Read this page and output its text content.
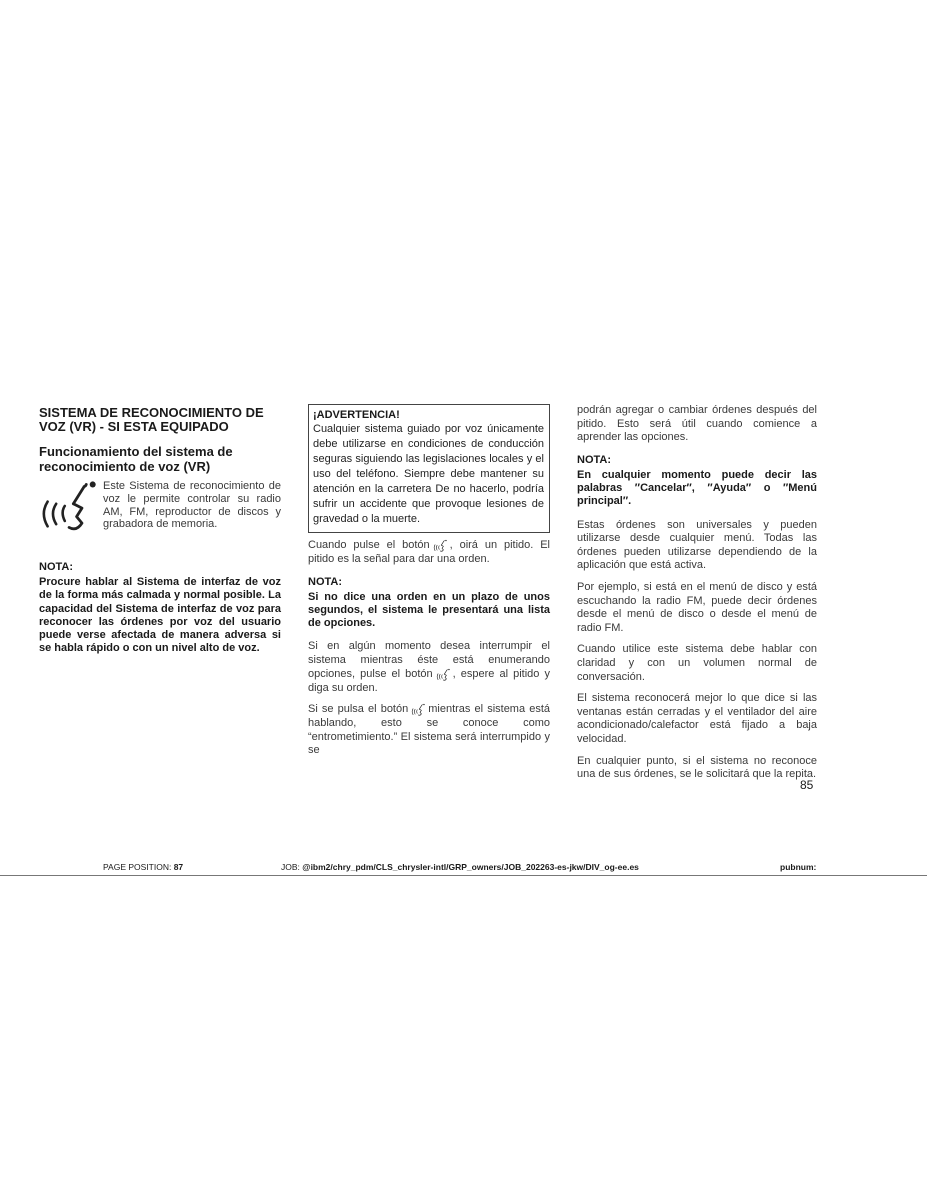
SISTEMA DE RECONOCIMIENTO DE VOZ (VR) - SI ESTA EQUIPADO
Funcionamiento del sistema de reconocimiento de voz (VR)
Este Sistema de reconocimiento de voz le permite controlar su radio AM, FM, reproductor de discos y grabadora de memoria.
NOTA:
Procure hablar al Sistema de interfaz de voz de la forma más calmada y normal posible. La capacidad del Sistema de interfaz de voz para reconocer las órdenes por voz del usuario puede verse afectada de manera adversa si se habla rápido o con un nivel alto de voz.
¡ADVERTENCIA!
Cualquier sistema guiado por voz únicamente debe utilizarse en condiciones de conducción seguras siguiendo las legislaciones locales y el uso del teléfono. Siempre debe mantener su atención en la carretera De no hacerlo, podría sufrir un accidente que provoque lesiones de gravedad o la muerte.
Cuando pulse el botón , oirá un pitido. El pitido es la señal para dar una orden.
NOTA:
Si no dice una orden en un plazo de unos segundos, el sistema le presentará una lista de opciones.
Si en algún momento desea interrumpir el sistema mientras éste está enumerando opciones, pulse el botón , espere al pitido y diga su orden.
Si se pulsa el botón mientras el sistema está hablando, esto se conoce como “entrometimiento.” El sistema será interrumpido y se
podrán agregar o cambiar órdenes después del pitido. Esto será útil cuando comience a aprender las opciones.
NOTA:
En cualquier momento puede decir las palabras ″Cancelar″, ″Ayuda″ o ″Menú principal″.
Estas órdenes son universales y pueden utilizarse desde cualquier menú. Todas las órdenes pueden utilizarse dependiendo de la aplicación que está activa.
Por ejemplo, si está en el menú de disco y está escuchando la radio FM, puede decir órdenes desde el menú de disco o desde el menú de radio FM.
Cuando utilice este sistema debe hablar con claridad y con un volumen normal de conversación.
El sistema reconocerá mejor lo que dice si las ventanas están cerradas y el ventilador del aire acondicionado/calefactor está fijado a baja velocidad.
En cualquier punto, si el sistema no reconoce una de sus órdenes, se le solicitará que la repita.
85
PAGE POSITION: 87	JOB: @ibm2/chry_pdm/CLS_chrysler-intl/GRP_owners/JOB_202263-es-jkw/DIV_og-ee.es	pubnum:
